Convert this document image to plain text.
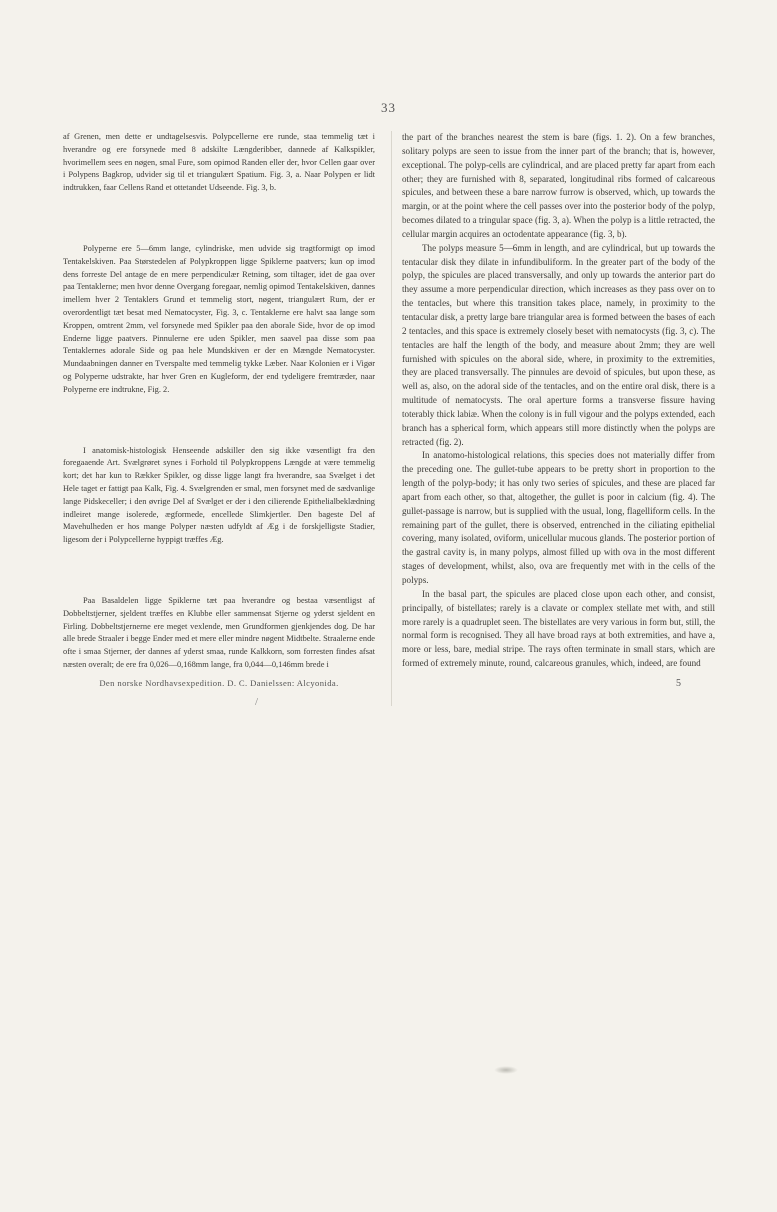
33

af Grenen, men dette er undtagelsesvis. Polypcellerne ere runde, staa temmelig tæt i hverandre og ere forsynede med 8 adskilte Længderibber, dannede af Kalkspikler, hvorimellem sees en nøgen, smal Fure, som opimod Randen eller der, hvor Cellen gaar over i Polypens Bagkrop, udvider sig til et triangulært Spatium. Fig. 3, a. Naar Polypen er lidt indtrukken, faar Cellens Rand et ottetandet Udseende. Fig. 3, b.

Polyperne ere 5—6mm lange, cylindriske, men udvide sig tragtformigt op imod Tentakelskiven. Paa Størstedelen af Polypkroppen ligge Spiklerne paatvers; kun op imod dens forreste Del antage de en mere perpendiculær Retning, som tiltager, idet de gaa over paa Tentaklerne; men hvor denne Overgang foregaar, nemlig opimod Tentakelskiven, dannes imellem hver 2 Tentaklers Grund et temmelig stort, nøgent, triangulært Rum, der er overordentligt tæt besat med Nematocyster, Fig. 3, c. Tentaklerne ere halvt saa lange som Kroppen, omtrent 2mm, vel forsynede med Spikler paa den aborale Side, hvor de op imod Enderne ligge paatvers. Pinnulerne ere uden Spikler, men saavel paa disse som paa Tentaklernes adorale Side og paa hele Mundskiven er der en Mængde Nematocyster. Mundaabningen danner en Tverspalte med temmelig tykke Læber. Naar Kolonien er i Vigør og Polyperne udstrakte, har hver Gren en Kugleform, der end tydeligere fremtræder, naar Polyperne ere indtrukne, Fig. 2.

I anatomisk-histologisk Henseende adskiller den sig ikke væsentligt fra den foregaaende Art. Svælgrøret synes i Forhold til Polypkroppens Længde at være temmelig kort; det har kun to Rækker Spikler, og disse ligge langt fra hverandre, saa Svælget i det Hele taget er fattigt paa Kalk, Fig. 4. Svælgrenden er smal, men forsynet med de sædvanlige lange Pidskeceller; i den øvrige Del af Svælget er der i den cilierende Epithelialbeklædning indleiret mange isolerede, ægformede, encellede Slimkjertler. Den bageste Del af Mavehulheden er hos mange Polyper næsten udfyldt af Æg i de forskjelligste Stadier, ligesom der i Polypcellerne hyppigt træffes Æg.

Paa Basaldelen ligge Spiklerne tæt paa hverandre og bestaa væsentligst af Dobbeltstjerner, sjeldent træffes en Klubbe eller sammensat Stjerne og yderst sjeldent en Firling. Dobbeltstjernerne ere meget vexlende, men Grundformen gjenkjendes dog. De har alle brede Straaler i begge Ender med et mere eller mindre nøgent Midtbelte. Straalerne ende ofte i smaa Stjerner, der dannes af yderst smaa, runde Kalkkorn, som forresten findes afsat næsten overalt; de ere fra 0,026—0,168mm lange, fra 0,044—0,146mm brede i

the part of the branches nearest the stem is bare (figs. 1. 2). On a few branches, solitary polyps are seen to issue from the inner part of the branch; that is, however, exceptional. The polyp-cells are cylindrical, and are placed pretty far apart from each other; they are furnished with 8, separated, longitudinal ribs formed of calcareous spicules, and between these a bare narrow furrow is observed, which, up towards the margin, or at the point where the cell passes over into the posterior body of the polyp, becomes dilated to a tringular space (fig. 3, a). When the polyp is a little retracted, the cellular margin acquires an octodentate appearance (fig. 3, b).

The polyps measure 5—6mm in length, and are cylindrical, but up towards the tentacular disk they dilate in infundibuliform. In the greater part of the body of the polyp, the spicules are placed transversally, and only up towards the anterior part do they assume a more perpendicular direction, which increases as they pass over on to the tentacles, but where this transition takes place, namely, in proximity to the tentacular disk, a pretty large bare triangular area is formed between the bases of each 2 tentacles, and this space is extremely closely beset with nematocysts (fig. 3, c). The tentacles are half the length of the body, and measure about 2mm; they are well furnished with spicules on the aboral side, where, in proximity to the extremities, they are placed transversally. The pinnules are devoid of spicules, but upon these, as well as, also, on the adoral side of the tentacles, and on the entire oral disk, there is a multitude of nematocysts. The oral aperture forms a transverse fissure having toterably thick labiæ. When the colony is in full vigour and the polyps extended, each branch has a spherical form, which appears still more distinctly when the polyps are retracted (fig. 2).

In anatomo-histological relations, this species does not materially differ from the preceding one. The gullet-tube appears to be pretty short in proportion to the length of the polyp-body; it has only two series of spicules, and these are placed far apart from each other, so that, altogether, the gullet is poor in calcium (fig. 4). The gullet-passage is narrow, but is supplied with the usual, long, flagelliform cells. In the remaining part of the gullet, there is observed, entrenched in the ciliating epithelial covering, many isolated, oviform, unicellular mucous glands. The posterior portion of the gastral cavity is, in many polyps, almost filled up with ova in the most different stages of development, whilst, also, ova are frequently met with in the cells of the polyps.

In the basal part, the spicules are placed close upon each other, and consist, principally, of bistellates; rarely is a clavate or complex stellate met with, and still more rarely is a quadruplet seen. The bistellates are very various in form but, still, the normal form is recognised. They all have broad rays at both extremities, and have a, more or less, bare, medial stripe. The rays often terminate in small stars, which are formed of extremely minute, round, calcareous granules, which, indeed, are found

Den norske Nordhavsexpedition. D. C. Danielssen: Alcyonida.	5
/
